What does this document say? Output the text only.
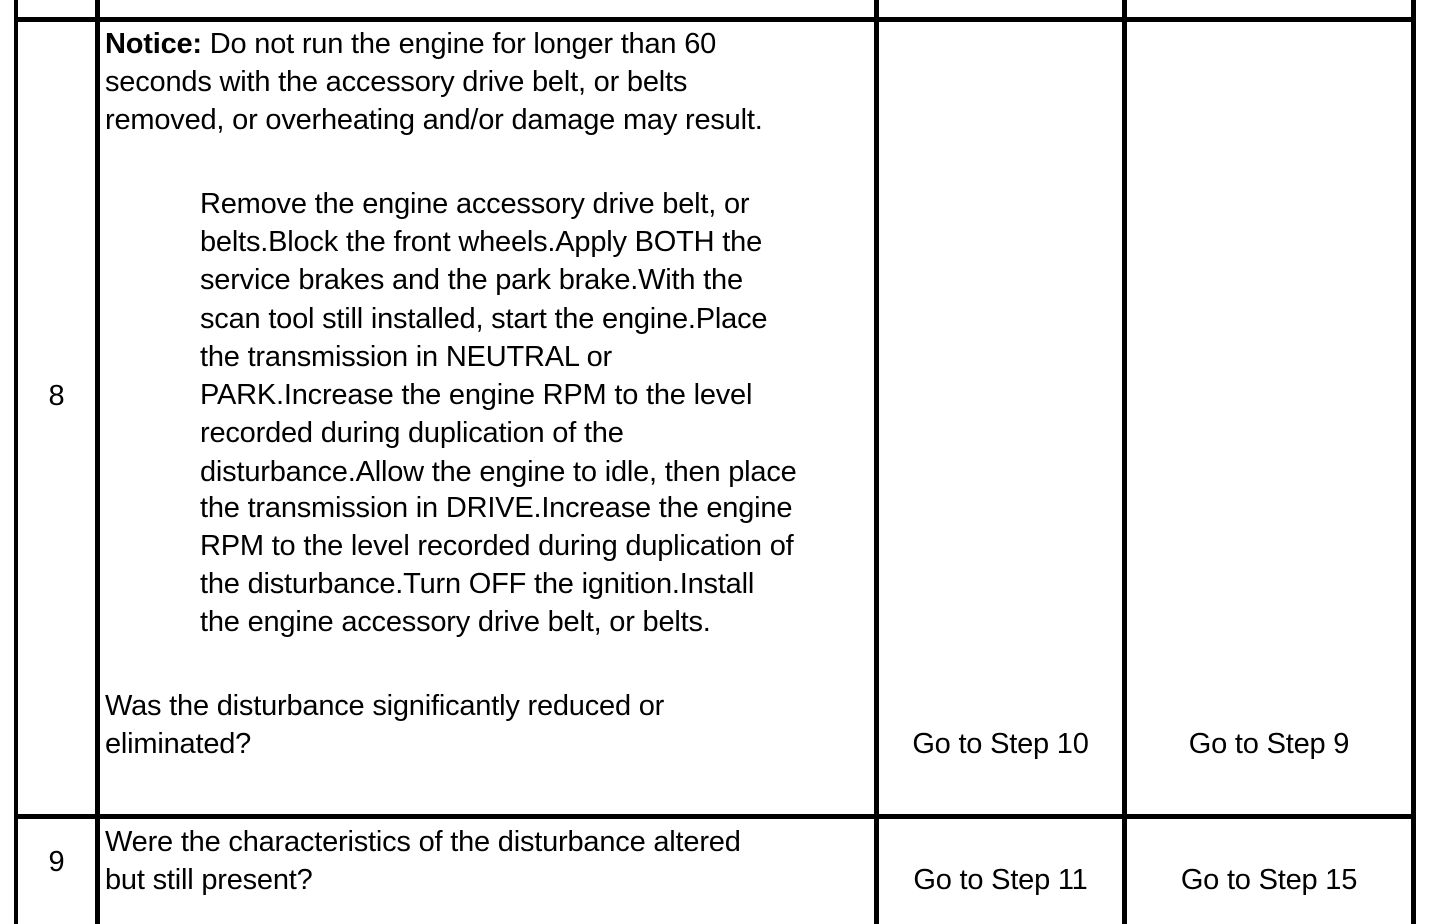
8
Notice: Do not run the engine for longer than 60
seconds with the accessory drive belt, or belts
removed, or overheating and/or damage may result.
Remove the engine accessory drive belt, or
belts.Block the front wheels.Apply BOTH the
service brakes and the park brake.With the
scan tool still installed, start the engine.Place
the transmission in NEUTRAL or
PARK.Increase the engine RPM to the level
recorded during duplication of the
disturbance.Allow the engine to idle, then place
the transmission in DRIVE.Increase the engine
RPM to the level recorded during duplication of
the disturbance.Turn OFF the ignition.Install
the engine accessory drive belt, or belts.
Was the disturbance significantly reduced or
eliminated?	Go to Step 10	Go to Step 9
9
Were the characteristics of the disturbance altered
but still present?	Go to Step 11	Go to Step 15
